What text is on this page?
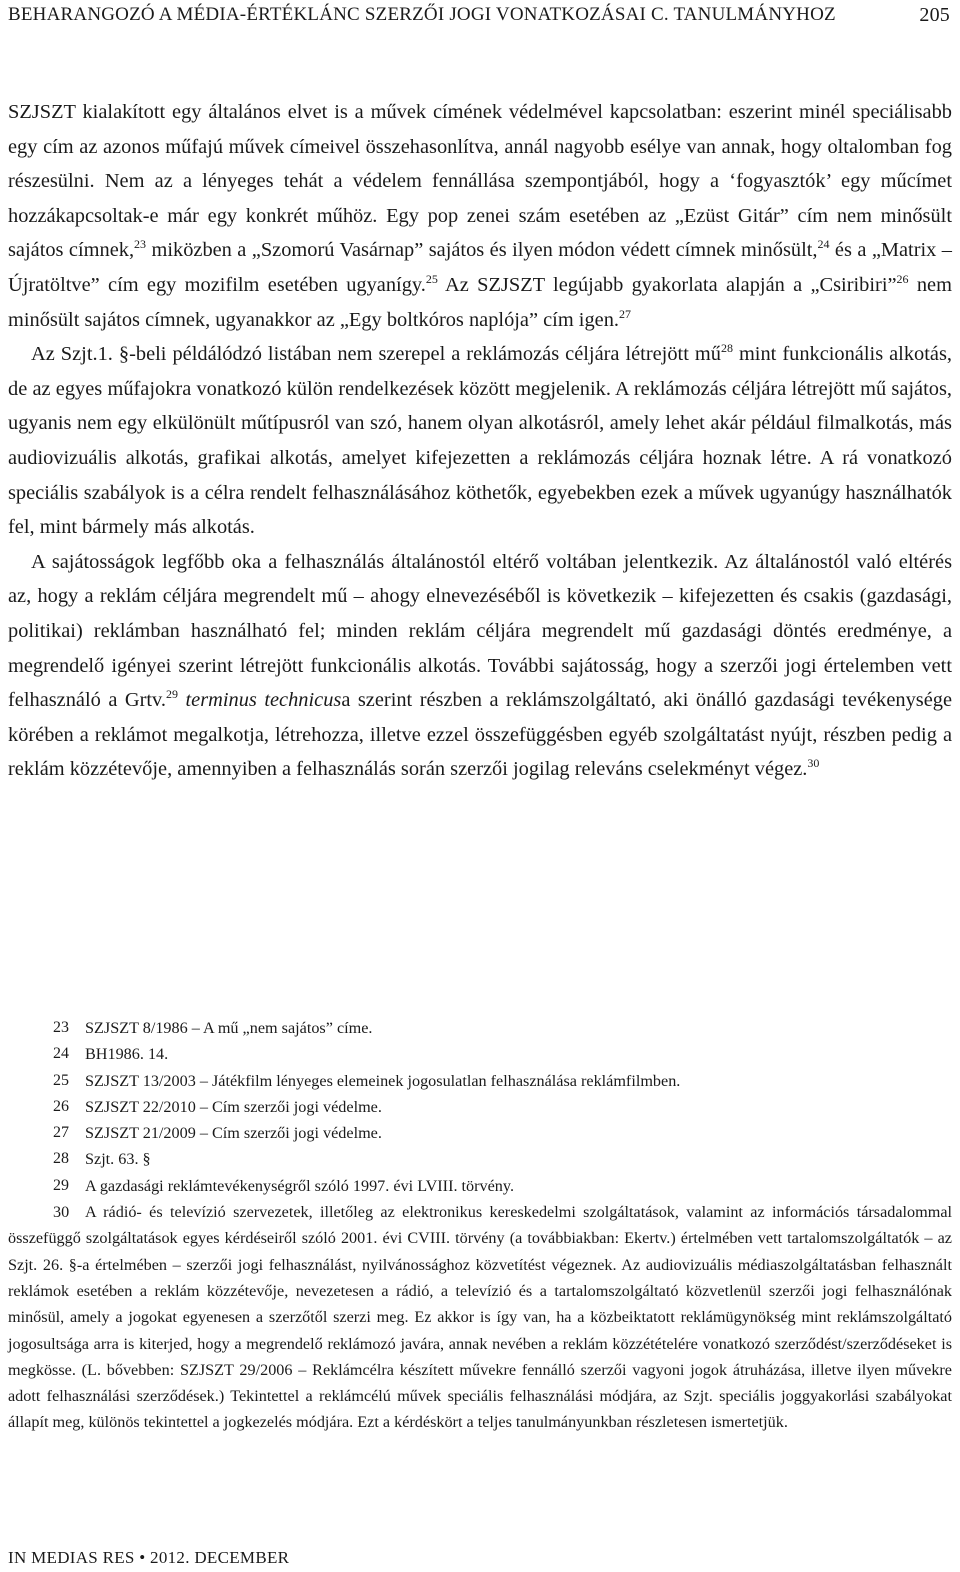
BEHARANGOZÓ A MÉDIA-ÉRTÉKLÁNC SZERZŐI JOGI VONATKOZÁSAI C. TANULMÁNYHOZ	205

SZJSZT kialakított egy általános elvet is a művek címének védelmével kapcsolatban: eszerint minél speciálisabb egy cím az azonos műfajú művek címeivel összehasonlítva, annál nagyobb esélye van annak, hogy oltalomban fog részesülni. Nem az a lényeges tehát a védelem fennállása szempontjából, hogy a ‘fogyasztók’ egy műcímet hozzákapcsoltak-e már egy konkrét műhöz. Egy pop zenei szám esetében az „Ezüst Gitár” cím nem minősült sajátos címnek,$^{23}$ miközben a „Szomorú Vasárnap” sajátos és ilyen módon védett címnek minősült,$^{24}$ és a „Matrix – Újratöltve” cím egy mozifilm esetében ugyanígy.$^{25}$ Az SZJSZT legújabb gyakorlata alapján a „Csiribiri”$^{26}$ nem minősült sajátos címnek, ugyanakkor az „Egy boltkóros naplója” cím igen.$^{27}$

Az Szjt.1. §-beli példálódzó listában nem szerepel a reklámozás céljára létrejött $mű^{28}$ mint funkcionális alkotás, de az egyes műfajokra vonatkozó külön rendelkezések között megjelenik. A reklámozás céljára létrejött mű sajátos, ugyanis nem egy elkülönült műtípusról van szó, hanem olyan alkotásról, amely lehet akár például filmalkotás, más audiovizuális alkotás, grafikai alkotás, amelyet kifejezetten a reklámozás céljára hoznak létre. A rá vonatkozó speciális szabályok is a célra rendelt felhasználásához köthetők, egyebekben ezek a művek ugyanúgy használhatók fel, mint bármely más alkotás.

A sajátosságok legfőbb oka a felhasználás általánostól eltérő voltában jelentkezik. Az általánostól való eltérés az, hogy a reklám céljára megrendelt mű – ahogy elnevezéséből is következik – kifejezetten és csakis (gazdasági, politikai) reklámban használható fel; minden reklám céljára megrendelt mű gazdasági döntés eredménye, a megrendelő igényei szerint létrejött funkcionális alkotás. További sajátosság, hogy a szerzői jogi értelemben vett felhasználó a Grtv.$^{29}$ terminus technicusa szerint részben a reklámszolgáltató, aki önálló gazdasági tevékenysége körében a reklámot megalkotja, létrehozza, illetve ezzel összefüggésben egyéb szolgáltatást nyújt, részben pedig a reklám közzétevője, amennyiben a felhasználás során szerzői jogilag releváns cselekményt végez.$^{30}$

23 SZJSZT 8/1986 – A mű „nem sajátos” címe.

24 BH1986. 14.

25 SZJSZT 13/2003 – Játékfilm lényeges elemeinek jogosulatlan felhasználása reklámfilmben.

26 SZJSZT 22/2010 – Cím szerzői jogi védelme.

27 SZJSZT 21/2009 – Cím szerzői jogi védelme.

28 Szjt. 63. §

29 A gazdasági reklámtevékenységről szóló 1997. évi LVIII. törvény.

30 A rádió- és televízió szervezetek, illetőleg az elektronikus kereskedelmi szolgáltatások, valamint az információs társadalommal összefüggő szolgáltatások egyes kérdéseiről szóló 2001. évi CVIII. törvény (a továbbiakban: Ekertv.) értelmében vett tartalomszolgáltatók – az Szjt. 26. §-a értelmében – szerzői jogi felhasználást, nyilvánossághoz közvetítést végeznek. Az audiovizuális médiaszolgáltatásban felhasznált reklámok esetében a reklám közzétevője, nevezetesen a rádió, a televízió és a tartalomszolgáltató közvetlenül szerzői jogi felhasználónak minősül, amely a jogokat egyenesen a szerzőtől szerzi meg. Ez akkor is így van, ha a közbeiktatott reklámügynökség mint reklámszolgáltató jogosultsága arra is kiterjed, hogy a megrendelő reklámozó javára, annak nevében a reklám közzétételére vonatkozó szerződést/szerződéseket is megkösse. (L. bővebben: SZJSZT 29/2006 – Reklámcélra készített művekre fennálló szerzői vagyoni jogok átruházása, illetve ilyen művekre adott felhasználási szerződések.) Tekintettel a reklámcélú művek speciális felhasználási módjára, az Szjt. speciális joggyakorlási szabályokat állapít meg, különös tekintettel a jogkezelés módjára. Ezt a kérdéskört a teljes tanulmányunkban részletesen ismertetjük.

IN MEDIAS RES • 2012. DECEMBER
